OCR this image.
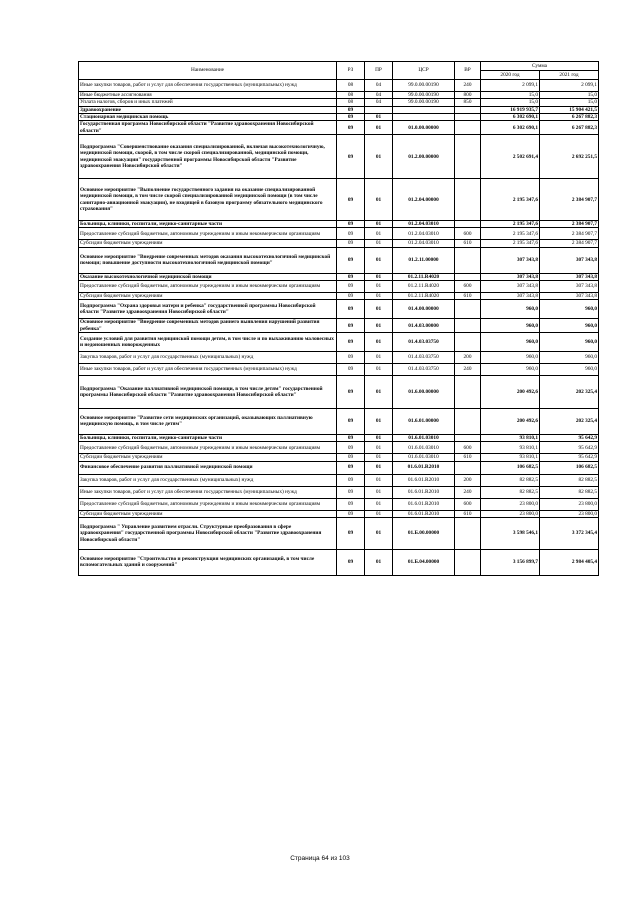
Наименование	РЗ	ПР	ЦСР	ВР	Сумма	
					2020 год	2021 год
Иные закупки товаров, работ и услуг для обеспечения государственных (муниципальных) нужд	08	04	99.0.00.00190	240	2 099,1	2 099,1
Иные бюджетные ассигнования	08	04	99.0.00.00190	800	15,0	15,0
Уплата налогов, сборов и иных платежей	08	04	99.0.00.00190	850	15,0	15,0
Здравоохранение	09				16 919 935,7	15 904 421,5
Стационарная медицинская помощь	09	01			6 302 690,1	6 267 882,3
Государственная программа Новосибирской области "Развитие здравоохранения Новосибирской области"	09	01	01.0.00.00000		6 302 690,1	6 267 882,3
Подпрограмма "Совершенствование оказания специализированной, включая высокотехнологичную, медицинской помощи, скорой, в том числе скорой специализированной, медицинской помощи, медицинской эвакуации" государственной программы Новосибирской области "Развитие здравоохранения Новосибирской области"	09	01	01.2.00.00000		2 502 691,4	2 692 251,5
Основное мероприятие "Выполнение государственного задания на оказание специализированной медицинской помощи, в том числе скорой специализированной медицинской помощи (в том числе санитарно-авиационной эвакуации), не входящей в базовую программу обязательного медицинского страхования"	09	01	01.2.04.00000		2 195 347,6	2 384 907,7
Больницы, клиники, госпитали, медико-санитарные части	09	01	01.2.04.03010		2 195 347,6	2 384 907,7
Предоставление субсидий бюджетным, автономным учреждениям и иным некоммерческим организациям	09	01	01.2.04.03010	600	2 195 347,6	2 384 907,7
Субсидии бюджетным учреждениям	09	01	01.2.04.03010	610	2 195 347,6	2 384 907,7
Основное мероприятие "Внедрение современных методов оказания высокотехнологичной медицинской помощи; повышение доступности высокотехнологичной медицинской помощи"	09	01	01.2.11.00000		307 343,8	307 343,8
Оказание высокотехнологичной медицинской помощи	09	01	01.2.11.R4020		307 343,8	307 343,8
Предоставление субсидий бюджетным, автономным учреждениям и иным некоммерческим организациям	09	01	01.2.11.R4020	600	307 343,8	307 343,8
Субсидии бюджетным учреждениям	09	01	01.2.11.R4020	610	307 343,8	307 343,8
Подпрограмма "Охрана здоровья матери и ребенка" государственной программы Новосибирской области "Развитие здравоохранения Новосибирской области"	09	01	01.4.00.00000		960,0	960,0
Основное мероприятие "Внедрение современных методов раннего выявления нарушений развития ребенка"	09	01	01.4.03.00000		960,0	960,0
Создание условий для развития медицинской помощи детям, в том числе и по выхаживанию маловесных и недоношенных новорожденных	09	01	01.4.03.03750		960,0	960,0
Закупка товаров, работ и услуг для государственных (муниципальных) нужд	09	01	01.4.03.03750	200	960,0	960,0
Иные закупки товаров, работ и услуг для обеспечения государственных (муниципальных) нужд	09	01	01.4.03.03750	240	960,0	960,0
Подпрограмма "Оказание паллиативной медицинской помощи, в том числе детям" государственной программы Новосибирской области "Развитие здравоохранения Новосибирской области"	09	01	01.6.00.00000		200 492,6	202 325,4
Основное мероприятие "Развитие сети медицинских организаций, оказывающих паллиативную медицинскую помощь, в том числе детям"	09	01	01.6.01.00000		200 492,6	202 325,4
Больницы, клиники, госпитали, медико-санитарные части	09	01	01.6.01.03010		93 810,1	95 642,9
Предоставление субсидий бюджетным, автономным учреждениям и иным некоммерческим организациям	09	01	01.6.01.03010	600	93 810,1	95 642,9
Субсидии бюджетным учреждениям	09	01	01.6.01.03010	610	93 810,1	95 642,9
Финансовое обеспечение развития паллиативной медицинской помощи	09	01	01.6.01.R2010		106 682,5	106 682,5
Закупка товаров, работ и услуг для государственных (муниципальных) нужд	09	01	01.6.01.R2010	200	82 882,5	82 882,5
Иные закупки товаров, работ и услуг для обеспечения государственных (муниципальных) нужд	09	01	01.6.01.R2010	240	82 882,5	82 882,5
Предоставление субсидий бюджетным, автономным учреждениям и иным некоммерческим организациям	09	01	01.6.01.R2010	600	23 800,0	23 800,0
Субсидии бюджетным учреждениям	09	01	01.6.01.R2010	610	23 800,0	23 800,0
Подпрограмма " Управление развитием отрасли. Структурные преобразования в сфере здравоохранения" государственной программы Новосибирской области "Развитие здравоохранения Новосибирской области"	09	01	01.Б.00.00000		3 598 546,1	3 372 345,4
Основное мероприятие "Строительство и реконструкция медицинских организаций, в том числе вспомогательных зданий и сооружений"	09	01	01.Б.04.00000		3 156 899,7	2 984 405,4
Страница 64 из 103
